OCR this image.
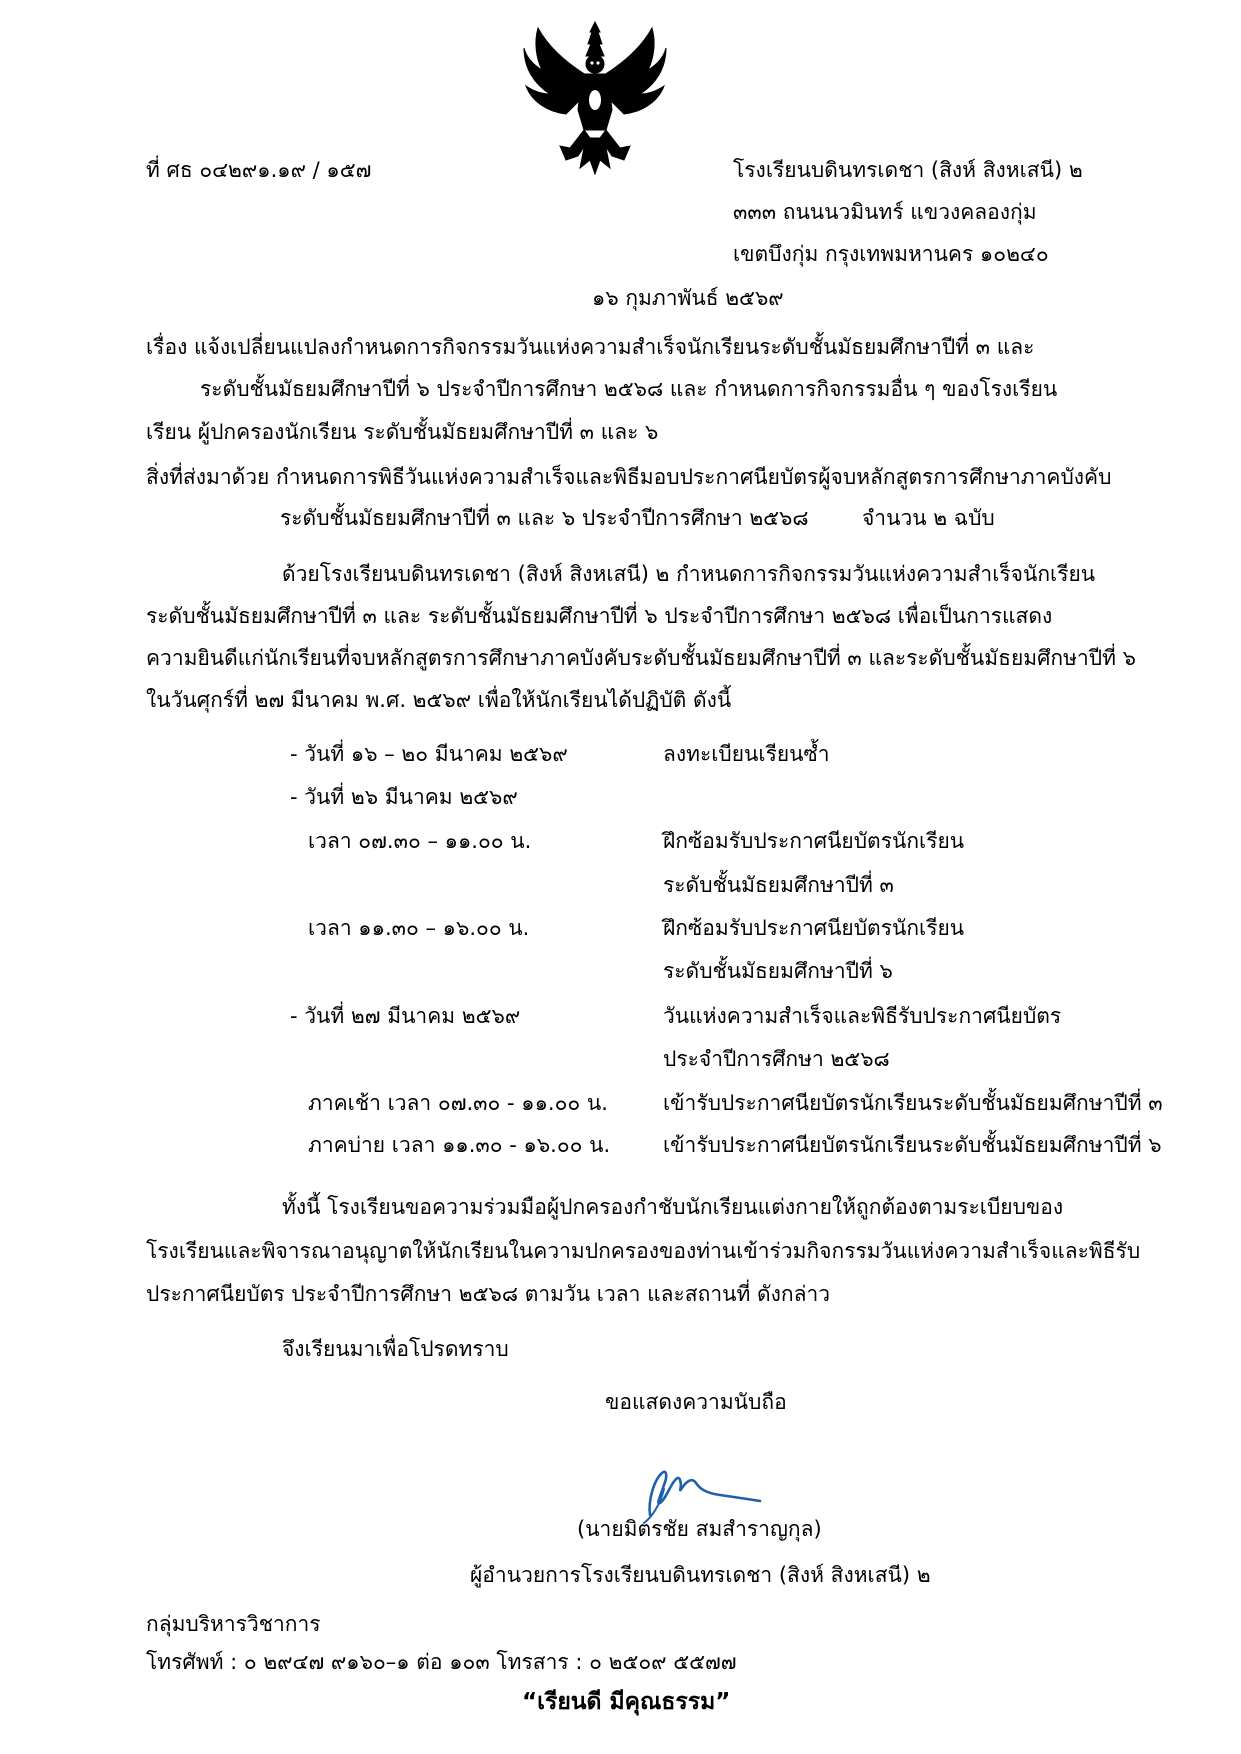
ที่ ศธ ๐๔๒๙๑.๑๙ / ๑๕๗	โรงเรียนบดินทรเดชา (สิงห์ สิงหเสนี) ๒
๓๓๓ ถนนนวมินทร์ แขวงคลองกุ่ม
เขตบึงกุ่ม กรุงเทพมหานคร ๑๐๒๔๐
๑๖ กุมภาพันธ์ ๒๕๖๙
เรื่อง แจ้งเปลี่ยนแปลงกำหนดการกิจกรรมวันแห่งความสำเร็จนักเรียนระดับชั้นมัธยมศึกษาปีที่ ๓ และ
ระดับชั้นมัธยมศึกษาปีที่ ๖ ประจำปีการศึกษา ๒๕๖๘ และ กำหนดการกิจกรรมอื่น ๆ ของโรงเรียน
เรียน ผู้ปกครองนักเรียน ระดับชั้นมัธยมศึกษาปีที่ ๓ และ ๖
สิ่งที่ส่งมาด้วย กำหนดการพิธีวันแห่งความสำเร็จและพิธีมอบประกาศนียบัตรผู้จบหลักสูตรการศึกษาภาคบังคับ
ระดับชั้นมัธยมศึกษาปีที่ ๓ และ ๖ ประจำปีการศึกษา ๒๕๖๘	จำนวน ๒ ฉบับ
ด้วยโรงเรียนบดินทรเดชา (สิงห์ สิงหเสนี) ๒ กำหนดการกิจกรรมวันแห่งความสำเร็จนักเรียน
ระดับชั้นมัธยมศึกษาปีที่ ๓ และ ระดับชั้นมัธยมศึกษาปีที่ ๖ ประจำปีการศึกษา ๒๕๖๘ เพื่อเป็นการแสดง
ความยินดีแก่นักเรียนที่จบหลักสูตรการศึกษาภาคบังคับระดับชั้นมัธยมศึกษาปีที่ ๓ และระดับชั้นมัธยมศึกษาปีที่ ๖
ในวันศุกร์ที่ ๒๗ มีนาคม พ.ศ. ๒๕๖๙ เพื่อให้นักเรียนได้ปฏิบัติ ดังนี้
- วันที่ ๑๖ – ๒๐ มีนาคม ๒๕๖๙	ลงทะเบียนเรียนซ้ำ
- วันที่ ๒๖ มีนาคม ๒๕๖๙
เวลา ๐๗.๓๐ – ๑๑.๐๐ น.	ฝึกซ้อมรับประกาศนียบัตรนักเรียน
ระดับชั้นมัธยมศึกษาปีที่ ๓
เวลา ๑๑.๓๐ – ๑๖.๐๐ น.	ฝึกซ้อมรับประกาศนียบัตรนักเรียน
ระดับชั้นมัธยมศึกษาปีที่ ๖
- วันที่ ๒๗ มีนาคม ๒๕๖๙	วันแห่งความสำเร็จและพิธีรับประกาศนียบัตร
ประจำปีการศึกษา ๒๕๖๘
ภาคเช้า เวลา ๐๗.๓๐ - ๑๑.๐๐ น.	เข้ารับประกาศนียบัตรนักเรียนระดับชั้นมัธยมศึกษาปีที่ ๓
ภาคบ่าย เวลา ๑๑.๓๐ - ๑๖.๐๐ น.	เข้ารับประกาศนียบัตรนักเรียนระดับชั้นมัธยมศึกษาปีที่ ๖
ทั้งนี้ โรงเรียนขอความร่วมมือผู้ปกครองกำชับนักเรียนแต่งกายให้ถูกต้องตามระเบียบของ
โรงเรียนและพิจารณาอนุญาตให้นักเรียนในความปกครองของท่านเข้าร่วมกิจกรรมวันแห่งความสำเร็จและพิธีรับ
ประกาศนียบัตร ประจำปีการศึกษา ๒๕๖๘ ตามวัน เวลา และสถานที่ ดังกล่าว
จึงเรียนมาเพื่อโปรดทราบ
ขอแสดงความนับถือ
(นายมิตรชัย สมสำราญกุล)
ผู้อำนวยการโรงเรียนบดินทรเดชา (สิงห์ สิงหเสนี) ๒
กลุ่มบริหารวิชาการ
โทรศัพท์ : ๐ ๒๙๔๗ ๙๑๖๐–๑ ต่อ ๑๐๓ โทรสาร : ๐ ๒๕๐๙ ๕๕๗๗
“เรียนดี มีคุณธรรม”
